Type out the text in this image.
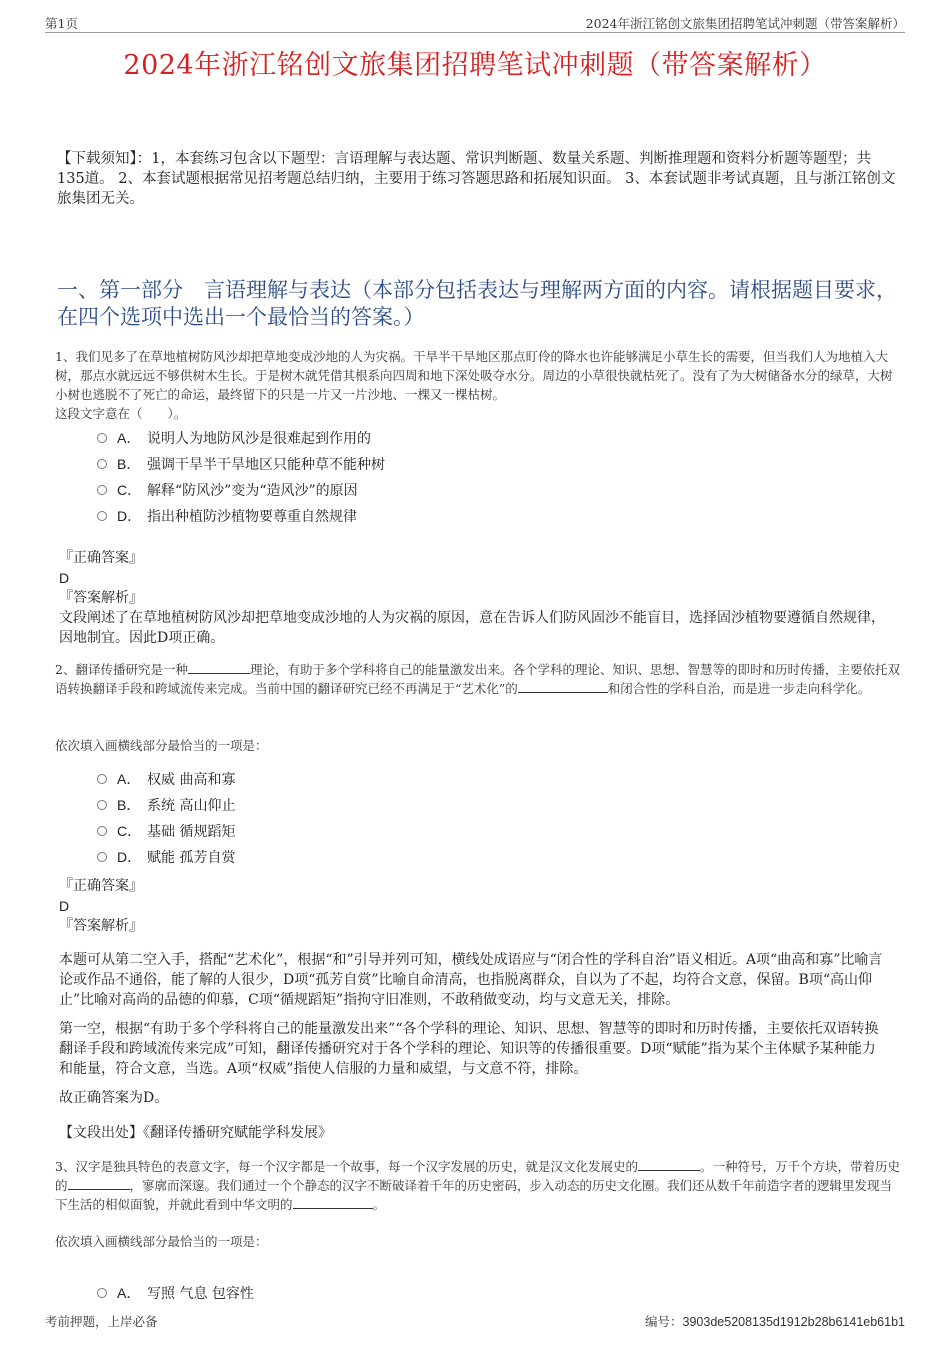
第1页	2024年浙江铭创文旅集团招聘笔试冲刺题（带答案解析）
2024年浙江铭创文旅集团招聘笔试冲刺题（带答案解析）
【下载须知】：1，本套练习包含以下题型：言语理解与表达题、常识判断题、数量关系题、判断推理题和资料分析题等题型；共135道。 2、本套试题根据常见招考题总结归纳，主要用于练习答题思路和拓展知识面。 3、本套试题非考试真题，且与浙江铭创文旅集团无关。
一、第一部分　言语理解与表达（本部分包括表达与理解两方面的内容。请根据题目要求，在四个选项中选出一个最恰当的答案。）
1、我们见多了在草地植树防风沙却把草地变成沙地的人为灾祸。干旱半干旱地区那点盯伶的降水也许能够满足小草生长的需要，但当我们人为地植入大树，那点水就远远不够供树木生长。于是树木就凭借其根系向四周和地下深处吸夺水分。周边的小草很快就枯死了。没有了为大树储备水分的绿草，大树小树也逃脱不了死亡的命运，最终留下的只是一片又一片沙地、一棵又一棵枯树。
这段文字意在（　　）。
A． 说明人为地防风沙是很难起到作用的
B． 强调干旱半干旱地区只能种草不能种树
C． 解释“防风沙”变为“造风沙”的原因
D． 指出种植防沙植物要尊重自然规律
『正确答案』
D
『答案解析』
文段阐述了在草地植树防风沙却把草地变成沙地的人为灾祸的原因，意在告诉人们防风固沙不能盲目，选择固沙植物要遵循自然规律，因地制宜。因此D项正确。
2、翻译传播研究是一种	理论，有助于多个学科将自己的能量激发出来。各个学科的理论、知识、思想、智慧等的即时和历时传播，主要依托双语转换翻译手段和跨域流传来完成。当前中国的翻译研究已经不再满足于“艺术化”的	和闭合性的学科自治，而是进一步走向科学化。
依次填入画横线部分最恰当的一项是：
A． 权威 曲高和寡
B． 系统 高山仰止
C． 基础 循规蹈矩
D． 赋能 孤芳自赏
『正确答案』
D
『答案解析』
本题可从第二空入手，搭配“艺术化”，根据“和”引导并列可知，横线处成语应与“闭合性的学科自治”语义相近。A项“曲高和寡”比喻言论或作品不通俗，能了解的人很少，D项“孤芳自赏”比喻自命清高，也指脱离群众，自以为了不起，均符合文意，保留。B项“高山仰止”比喻对高尚的品德的仰慕，C项“循规蹈矩”指拘守旧准则，不敢稍做变动，均与文意无关，排除。
第一空，根据“有助于多个学科将自己的能量激发出来”“各个学科的理论、知识、思想、智慧等的即时和历时传播，主要依托双语转换翻译手段和跨域流传来完成”可知，翻译传播研究对于各个学科的理论、知识等的传播很重要。D项“赋能”指为某个主体赋予某种能力和能量，符合文意，当选。A项“权威”指使人信服的力量和威望，与文意不符，排除。
故正确答案为D。
【文段出处】《翻译传播研究赋能学科发展》
3、汉字是独具特色的表意文字，每一个汉字都是一个故事，每一个汉字发展的历史，就是汉文化发展史的	。一种符号，万千个方块，带着历史的	，寥廓而深邃。我们通过一个个静态的汉字不断破译着千年的历史密码，步入动态的历史文化圈。我们还从数千年前造字者的逻辑里发现当下生活的相似面貌，并就此看到中华文明的	。
依次填入画横线部分最恰当的一项是：
A． 写照 气息 包容性
考前押题，上岸必备	编号：3903de5208135d1912b28b6141eb61b1
